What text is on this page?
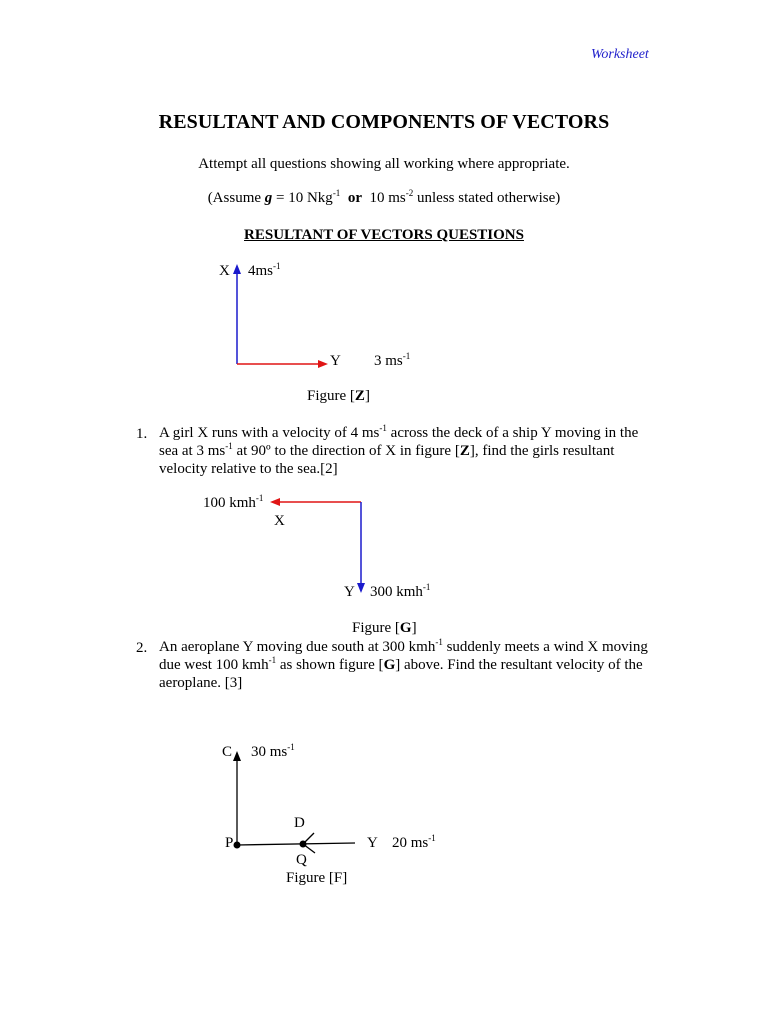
Worksheet
RESULTANT AND COMPONENTS OF VECTORS
Attempt all questions showing all working where appropriate.
(Assume g = 10 Nkg$^{-1}$ or 10 $ms^{-2}$ unless stated otherwise)
RESULTANT OF VECTORS QUESTIONS
X $4ms^{-1}$
Y 3 $ms^{-1}$
Figure [Z]
1. A girl X runs with a velocity of 4 $ms^{-1}$ across the deck of a ship Y moving in the sea at 3 $ms^{-1}$ at 90º to the direction of X in figure [Z], find the girls resultant velocity relative to the sea.[2]
100 kmh$^{-1}$
X
Y 300 kmh$^{-1}$
Figure [G]
2. An aeroplane Y moving due south at 300 kmh$^{-1}$ suddenly meets a wind X moving due west 100 kmh$^{-1}$ as shown figure [G] above. Find the resultant velocity of the aeroplane. [3]
C 30 $ms^{-1}$
D
P	Y 20 $ms^{-1}$
Q
Figure [F]
